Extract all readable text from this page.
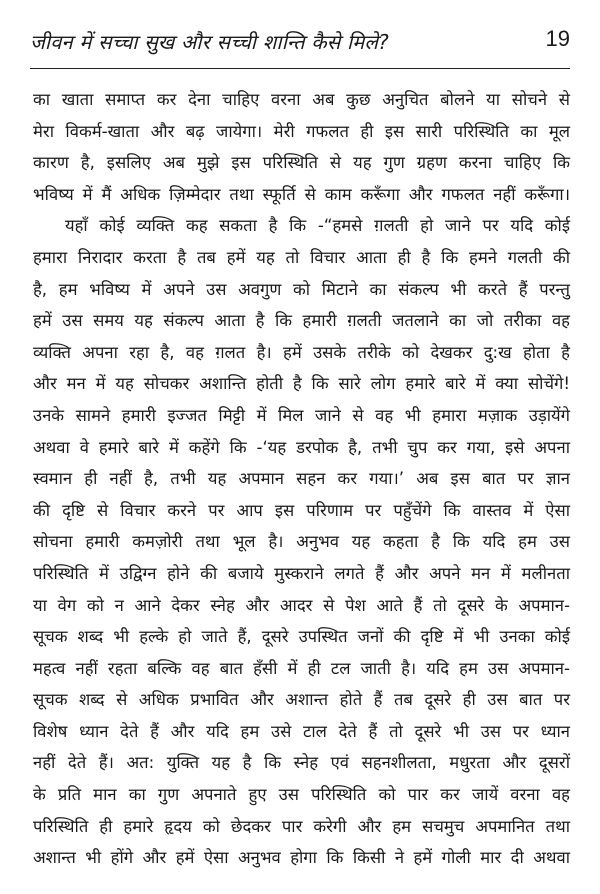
जीवन में सच्चा सुख और सच्ची शान्ति कैसे मिले?	19
का खाता समाप्त कर देना चाहिए वरना अब कुछ अनुचित बोलने या सोचने से
मेरा विकर्म-खाता और बढ़ जायेगा। मेरी गफलत ही इस सारी परिस्थिति का मूल
कारण है, इसलिए अब मुझे इस परिस्थिति से यह गुण ग्रहण करना चाहिए कि
भविष्य में मैं अधिक ज़िम्मेदार तथा स्फूर्ति से काम करूँगा और गफलत नहीं करूँगा।
यहाँ कोई व्यक्ति कह सकता है कि -“हमसे ग़लती हो जाने पर यदि कोई
हमारा निरादार करता है तब हमें यह तो विचार आता ही है कि हमने गलती की
है, हम भविष्य में अपने उस अवगुण को मिटाने का संकल्प भी करते हैं परन्तु
हमें उस समय यह संकल्प आता है कि हमारी ग़लती जतलाने का जो तरीका वह
व्यक्ति अपना रहा है, वह ग़लत है। हमें उसके तरीके को देखकर दु:ख होता है
और मन में यह सोचकर अशान्ति होती है कि सारे लोग हमारे बारे में क्या सोचेंगे!
उनके सामने हमारी इज्जत मिट्टी में मिल जाने से वह भी हमारा मज़ाक उड़ायेंगे
अथवा वे हमारे बारे में कहेंगे कि -‘यह डरपोक है, तभी चुप कर गया, इसे अपना
स्वमान ही नहीं है, तभी यह अपमान सहन कर गया।’ अब इस बात पर ज्ञान
की दृष्टि से विचार करने पर आप इस परिणाम पर पहुँचेंगे कि वास्तव में ऐसा
सोचना हमारी कमज़ोरी तथा भूल है। अनुभव यह कहता है कि यदि हम उस
परिस्थिति में उद्विग्न होने की बजाये मुस्कराने लगते हैं और अपने मन में मलीनता
या वेग को न आने देकर स्नेह और आदर से पेश आते हैं तो दूसरे के अपमान-
सूचक शब्द भी हल्के हो जाते हैं, दूसरे उपस्थित जनों की दृष्टि में भी उनका कोई
महत्व नहीं रहता बल्कि वह बात हँसी में ही टल जाती है। यदि हम उस अपमान-
सूचक शब्द से अधिक प्रभावित और अशान्त होते हैं तब दूसरे ही उस बात पर
विशेष ध्यान देते हैं और यदि हम उसे टाल देते हैं तो दूसरे भी उस पर ध्यान
नहीं देते हैं। अत: युक्ति यह है कि स्नेह एवं सहनशीलता, मधुरता और दूसरों
के प्रति मान का गुण अपनाते हुए उस परिस्थिति को पार कर जायें वरना वह
परिस्थिति ही हमारे हृदय को छेदकर पार करेगी और हम सचमुच अपमानित तथा
अशान्त भी होंगे और हमें ऐसा अनुभव होगा कि किसी ने हमें गोली मार दी अथवा
